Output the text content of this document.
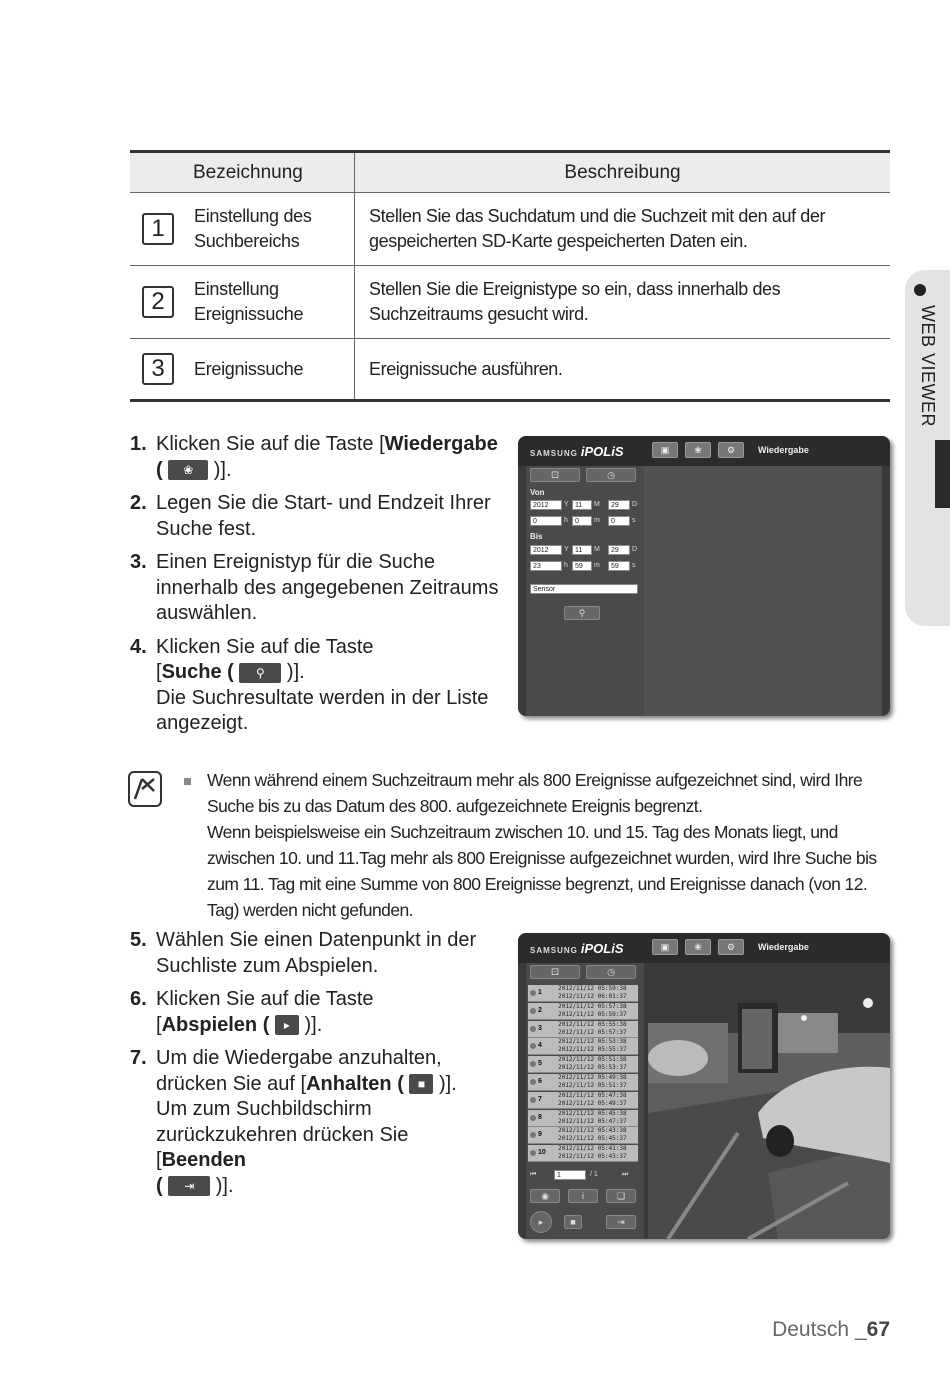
Bezeichnung	Beschreibung
1	Einstellung des Suchbereichs
Stellen Sie das Suchdatum und die Suchzeit mit den auf der gespeicherten SD-Karte gespeicherten Daten ein.
2	Einstellung Ereignissuche
Stellen Sie die Ereignistype so ein, dass innerhalb des Suchzeitraums gesucht wird.
3	Ereignissuche	Ereignissuche ausführen.	WEB VIEWER
1. Klicken Sie auf die Taste [Wiedergabe
( ❀ )].
2. Legen Sie die Start- und Endzeit Ihrer Suche fest.
3. Einen Ereignistyp für die Suche innerhalb des angegebenen Zeitraums auswählen.
4. Klicken Sie auf die Taste
[Suche ( ⚲ )].
Die Suchresultate werden in der Liste angezeigt.
SAMSUNG iPOLiS	▣	❀	⚙	Wiedergabe
⚀	◷
Von
2012	Y 11	M	29	D
0	h	0	m	0	s
Bis
2012	Y 11	M	29	D
23	h	59	m	59	s
Sensor
⚲
Wenn während einem Suchzeitraum mehr als 800 Ereignisse aufgezeichnet sind, wird Ihre Suche bis zu das Datum des 800. aufgezeichnete Ereignis begrenzt.
Wenn beispielsweise ein Suchzeitraum zwischen 10. und 15. Tag des Monats liegt, und zwischen 10. und 11.Tag mehr als 800 Ereignisse aufgezeichnet wurden, wird Ihre Suche bis zum 11. Tag mit eine Summe von 800 Ereignisse begrenzt, und Ereignisse danach (von 12. Tag) werden nicht gefunden.
5. Wählen Sie einen Datenpunkt in der Suchliste zum Abspielen.
6. Klicken Sie auf die Taste
[Abspielen ( ▸ )].
7. Um die Wiedergabe anzuhalten, drücken Sie auf [Anhalten ( ■ )].
Um zum Suchbildschirm zurückzukehren drücken Sie [Beenden
( ⇥ )].
SAMSUNG iPOLiS	▣	❀	⚙	Wiedergabe
⚀	◷
1
2012/11/12 05:59:38
2012/11/12 06:01:37
2
2012/11/12 05:57:38
2012/11/12 05:59:37
3
2012/11/12 05:55:38
2012/11/12 05:57:37
4
2012/11/12 05:53:38
2012/11/12 05:55:37
5
2012/11/12 05:51:38
2012/11/12 05:53:37
6
2012/11/12 05:49:38
2012/11/12 05:51:37
7
2012/11/12 05:47:38
2012/11/12 05:49:37
8
2012/11/12 05:45:38
2012/11/12 05:47:37
9
2012/11/12 05:43:38
2012/11/12 05:45:37
10
2012/11/12 05:41:38
2012/11/12 05:43:37
⏮	1	/ 1	⏭
◉	i	❏
▸	■	⇥
Deutsch _67
